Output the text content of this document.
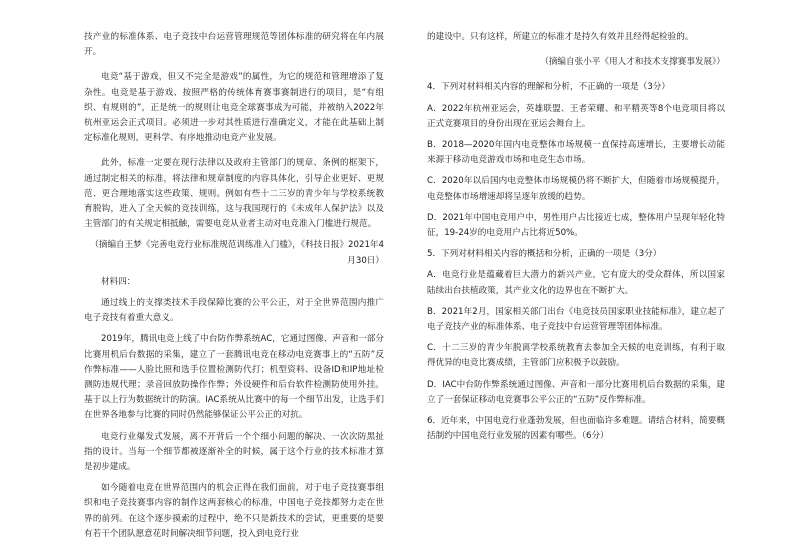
技产业的标准体系、电子竞技中台运营管理规范等团体标准的研究将在年内展开。

电竞“基于游戏，但又不完全是游戏”的属性，为它的规范和管理增添了复杂性。电竞是基于游戏、按照严格的传统体育赛事赛制进行的项目，是“有组织、有规则的”，正是统一的规则让电竞全球赛事成为可能，并被纳入2022年杭州亚运会正式项目。必须进一步对其性质进行准确定义，才能在此基础上制定标准化规则，更科学、有序地推动电竞产业发展。

此外，标准一定要在现行法律以及政府主管部门的规章、条例的框架下，通过制定相关的标准，将法律和规章制度的内容具体化，引导企业更好、更规范、更合理地落实这些政策、规则。例如有些十二三岁的青少年与学校系统教育脱钩，进入了全天候的竞技训练，这与我国现行的《未成年人保护法》以及主管部门的有关规定相抵触，需要电竞从业者主动对电竞准入门槛进行规范。

（摘编自王梦《完善电竞行业标准规范训练准入门槛》，《科技日报》2021年4月30日）

材料四：

通过线上的支撑类技术手段保障比赛的公平公正，对于全世界范围内推广电子竞技有着重大意义。

2019年，腾讯电竞上线了中台防作弊系统AC，它通过图像、声音和一部分比赛用机后台数据的采集，建立了一套腾讯电竞在移动电竞赛事上的“五防”反作弊标准——人脸比照和选手位置检测防代打；机型资料、设备ID和IP地址检测防违规代理；录音回放防操作作弊；外设硬件和后台软件检测防使用外挂。基于以上行为数据统计的防演。IAC系统从比赛中的每一个细节出发，让选手们在世界各地参与比赛的同时仍然能够保证公平公正的对抗。

电竞行业爆发式发展，离不开背后一个个细小问题的解决、一次次防黑扯指的设计。当每一个细节都被逐渐补全的时候，属于这个行业的技术标准才算是初步建成。

如今随着电竞在世界范围内的机会正得在我们面前，对于电子竞技赛事组织和电子竞技赛事内容的制作这两套核心的标准，中国电子竞技都努力走在世界的前列。在这个逐步摸索的过程中，绝不只是新技术的尝试，更重要的是要有若干个团队愿意花时间解决细节问题，投入到电竞行业

的建设中。只有这样，所建立的标准才是持久有效并且经得起检验的。

（摘编自张小平《用人才和技术支撑赛事发展》）

4．下列对材料相关内容的理解和分析，不正确的一项是（3分）

A．2022年杭州亚运会，英雄联盟、王者荣耀、和平精英等8个电竞项目将以正式竞赛项目的身份出现在亚运会舞台上。

B．2018—2020年国内电竞整体市场规模一直保持高速增长，主要增长动能来源于移动电竞游戏市场和电竞生态市场。

C．2020年以后国内电竞整体市场规模仍将不断扩大，但随着市场规模提升，电竞整体市场增速却将呈逐年放缓的趋势。

D．2021年中国电竞用户中，男性用户占比接近七成，整体用户呈现年轻化特征，19-24岁的电竞用户占比将近50%。

5．下列对材料相关内容的概括和分析，正确的一项是（3分）

A．电竞行业是蕴藏着巨大潜力的新兴产业，它有庞大的受众群体，所以国家陆续出台扶植政策，其产业文化的边界也在不断扩大。

B．2021年2月，国家相关部门出台《电竞技员国家职业技能标准》，建立起了电子竞技产业的标准体系、电子竞技中台运营管理等团体标准。

C．十二三岁的青少年脱离学校系统教育去参加全天候的电竞训练，有利于取得优异的电竞比赛成绩，主管部门应积极予以鼓励。

D．IAC中台防作弊系统通过图像、声音和一部分比赛用机后台数据的采集，建立了一套保证移动电竞赛事公平公正的“五防”反作弊标准。

6．近年来，中国电竞行业蓬勃发展，但也面临许多难题。请结合材料，简要概括制约中国电竞行业发展的因素有哪些。（6分）
